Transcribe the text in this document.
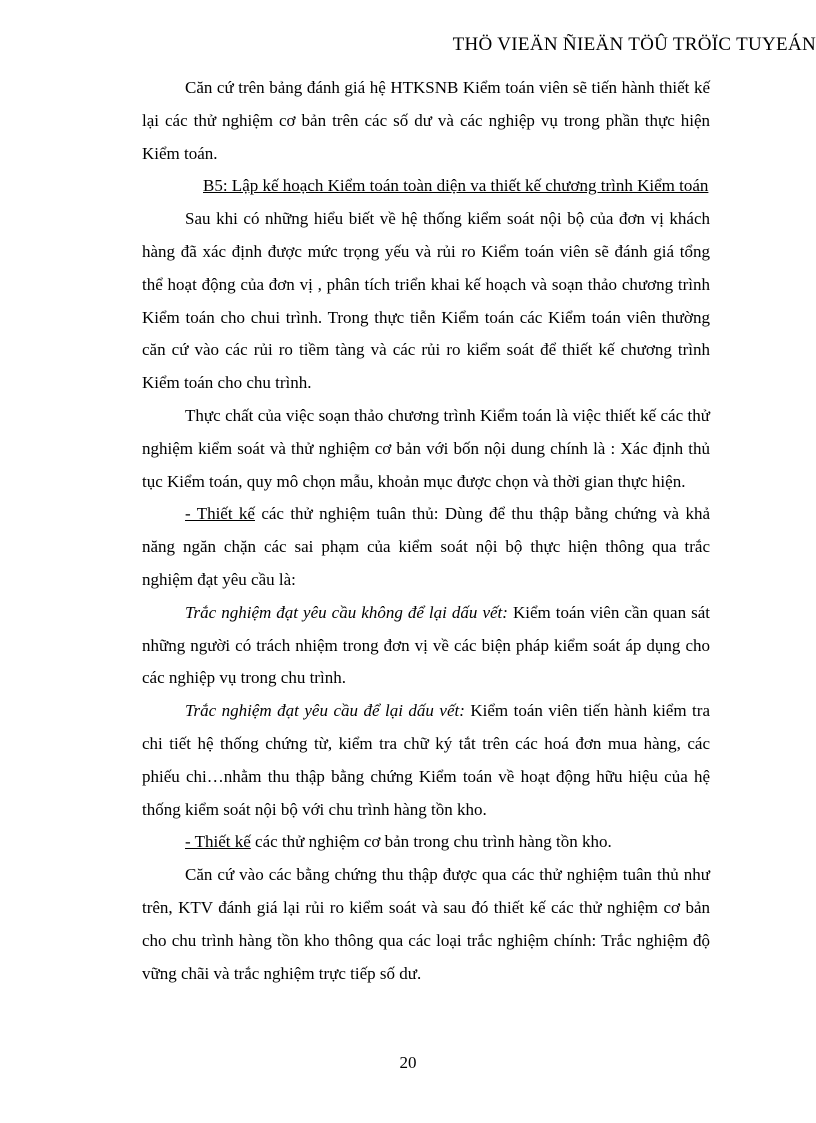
THÖ VIEÄN ÑIEÄN TÖÛ TRÖÏC TUYEÁN

Căn cứ trên bảng đánh giá hệ HTKSNB Kiểm toán viên sẽ tiến hành thiết kế lại các thử nghiệm cơ bản trên các số dư và các nghiệp vụ trong phần thực hiện Kiểm toán.

B5: Lập kế hoạch Kiểm toán toàn diện va thiết kế chương trình Kiểm toán

Sau khi có những hiểu biết về hệ thống kiểm soát nội bộ của đơn vị khách hàng đã xác định được mức trọng yếu và rủi ro Kiểm toán viên sẽ đánh giá tổng thể hoạt động của đơn vị , phân tích triển khai kế hoạch và soạn thảo chương trình Kiểm toán cho chui trình. Trong thực tiễn Kiểm toán các Kiểm toán viên thường căn cứ vào các rủi ro tiềm tàng và các rủi ro kiểm soát để thiết kế chương trình Kiểm toán cho chu trình.

Thực chất của việc soạn thảo chương trình Kiểm toán là việc thiết kế các thử nghiệm kiểm soát và thử nghiệm cơ bản với bốn nội dung chính là : Xác định thủ tục Kiểm toán, quy mô chọn mẫu, khoản mục được chọn và thời gian thực hiện.

- Thiết kế các thử nghiệm tuân thủ: Dùng để thu thập bằng chứng và khả năng ngăn chặn các sai phạm của kiểm soát nội bộ thực hiện thông qua trắc nghiệm đạt yêu cầu là:

Trắc nghiệm đạt yêu cầu không để lại dấu vết: Kiểm toán viên cần quan sát những người có trách nhiệm trong đơn vị về các biện pháp kiểm soát áp dụng cho các nghiệp vụ trong chu trình.

Trắc nghiệm đạt yêu cầu để lại dấu vết: Kiểm toán viên tiến hành kiểm tra chi tiết hệ thống chứng từ, kiểm tra chữ ký tắt trên các hoá đơn mua hàng, các phiếu chi…nhằm thu thập bằng chứng Kiểm toán về hoạt động hữu hiệu của hệ thống kiểm soát nội bộ với chu trình hàng tồn kho.

- Thiết kế các thử nghiệm cơ bản trong chu trình hàng tồn kho.

Căn cứ vào các bằng chứng thu thập được qua các thử nghiệm tuân thủ như trên, KTV đánh giá lại rủi ro kiểm soát và sau đó thiết kế các thử nghiệm cơ bản cho chu trình hàng tồn kho thông qua các loại trắc nghiệm chính: Trắc nghiệm độ vững chãi và trắc nghiệm trực tiếp số dư.

20
